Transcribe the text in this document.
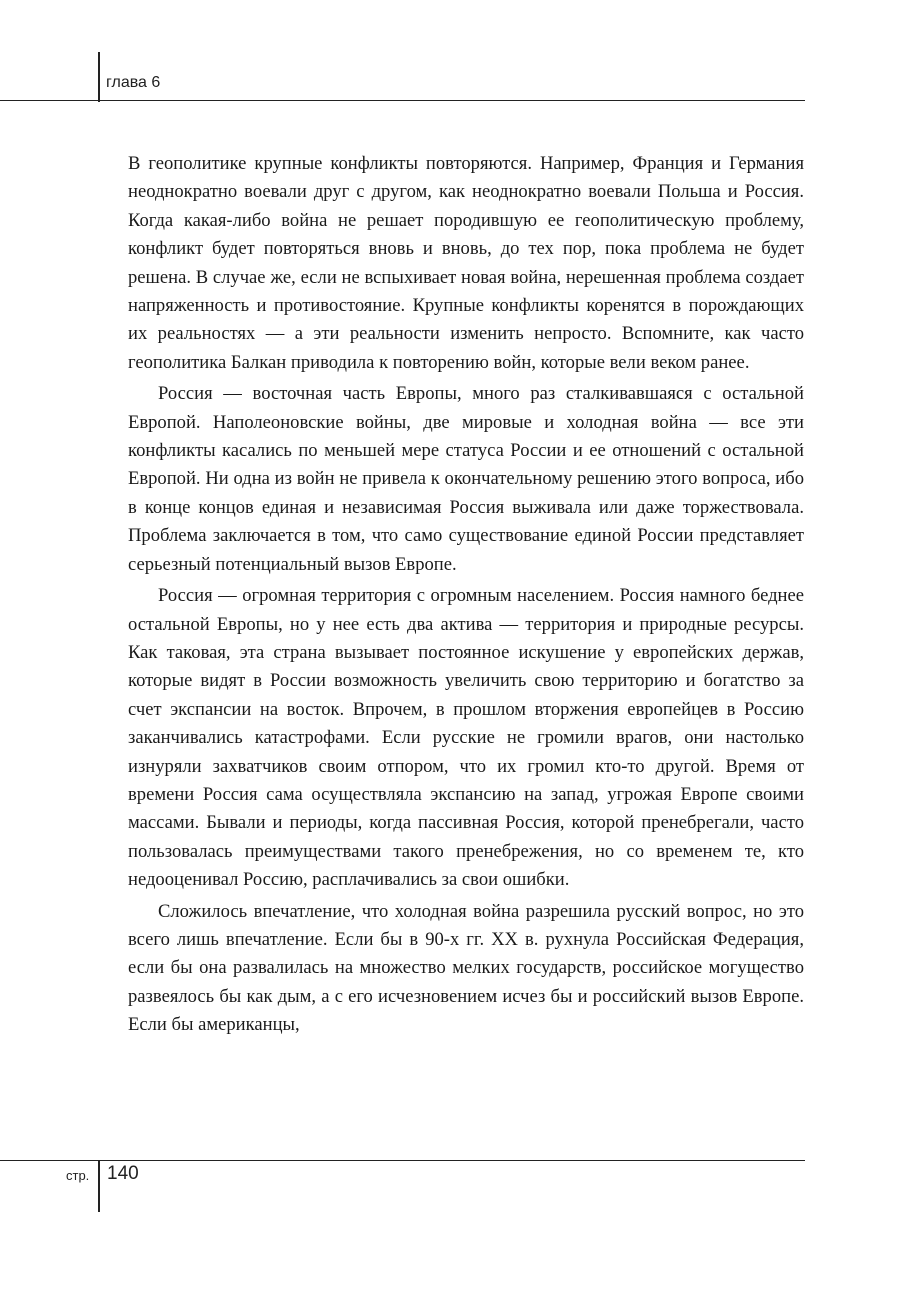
глава 6

В геополитике крупные конфликты повторяются. Например, Франция и Германия неоднократно воевали друг с другом, как неоднократно воевали Польша и Россия. Когда какая-либо война не решает породившую ее геополитическую проблему, конфликт будет повторяться вновь и вновь, до тех пор, пока проблема не будет решена. В случае же, если не вспыхивает новая война, нерешенная проблема создает напряженность и противостояние. Крупные конфликты коренятся в порождающих их реальностях — а эти реальности изменить непросто. Вспомните, как часто геополитика Балкан приводила к повторению войн, которые вели веком ранее.

Россия — восточная часть Европы, много раз сталкивавшаяся с остальной Европой. Наполеоновские войны, две мировые и холодная война — все эти конфликты касались по меньшей мере статуса России и ее отношений с остальной Европой. Ни одна из войн не привела к окончательному решению этого вопроса, ибо в конце концов единая и независимая Россия выживала или даже торжествовала. Проблема заключается в том, что само существование единой России представляет серьезный потенциальный вызов Европе.

Россия — огромная территория с огромным населением. Россия намного беднее остальной Европы, но у нее есть два актива — территория и природные ресурсы. Как таковая, эта страна вызывает постоянное искушение у европейских держав, которые видят в России возможность увеличить свою территорию и богатство за счет экспансии на восток. Впрочем, в прошлом вторжения европейцев в Россию заканчивались катастрофами. Если русские не громили врагов, они настолько изнуряли захватчиков своим отпором, что их громил кто-то другой. Время от времени Россия сама осуществляла экспансию на запад, угрожая Европе своими массами. Бывали и периоды, когда пассивная Россия, которой пренебрегали, часто пользовалась преимуществами такого пренебрежения, но со временем те, кто недооценивал Россию, расплачивались за свои ошибки.

Сложилось впечатление, что холодная война разрешила русский вопрос, но это всего лишь впечатление. Если бы в 90-х гг. XX в. рухнула Российская Федерация, если бы она развалилась на множество мелких государств, российское могущество развеялось бы как дым, а с его исчезновением исчез бы и российский вызов Европе. Если бы американцы,

стр. 140
